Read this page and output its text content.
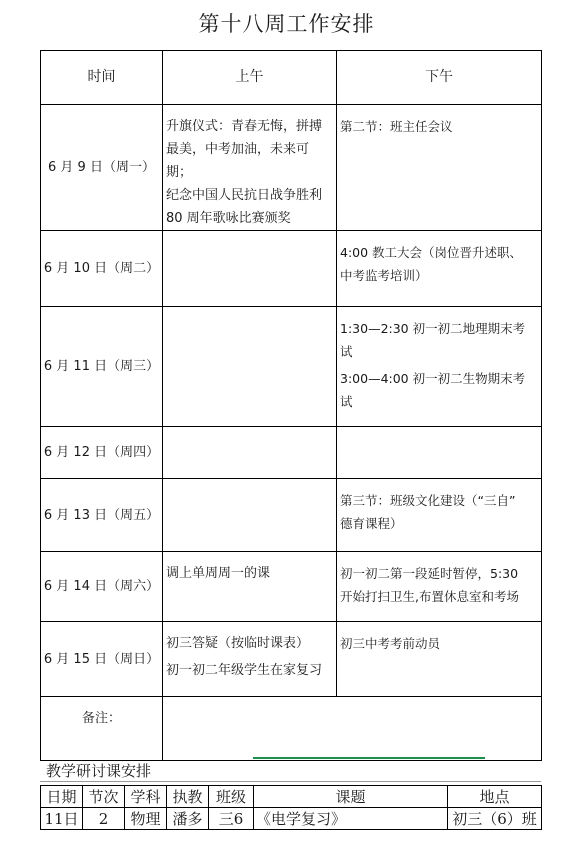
第十八周工作安排
时间	上午	下午
6 月 9 日（周一）	升旗仪式：青春无悔，拼搏
最美，中考加油，未来可期；
纪念中国人民抗日战争胜利
80 周年歌咏比赛颁奖	第二节：班主任会议

6 月 10 日（周二）		4:00 教工大会（岗位晋升述职、
中考监考培训）

6 月 11 日（周三）		1:30—2:30 初一初二地理期末考
试
3:00—4:00 初一初二生物期末考
试

6 月 12 日（周四）		
6 月 13 日（周五）		第三节：班级文化建设（“三自”
德育课程）

6 月 14 日（周六）	调上单周周一的课	初一初二第一段延时暂停，5:30
开始打扫卫生,布置休息室和考场

6 月 15 日（周日）	初三答疑（按临时课表）
初一初二年级学生在家复习	初三中考考前动员

备注：		
教学研讨课安排
日期	节次	学科	执教	班级	课题	地点
11日	2	物理	潘多	三6	《电学复习》	初三（6）班
